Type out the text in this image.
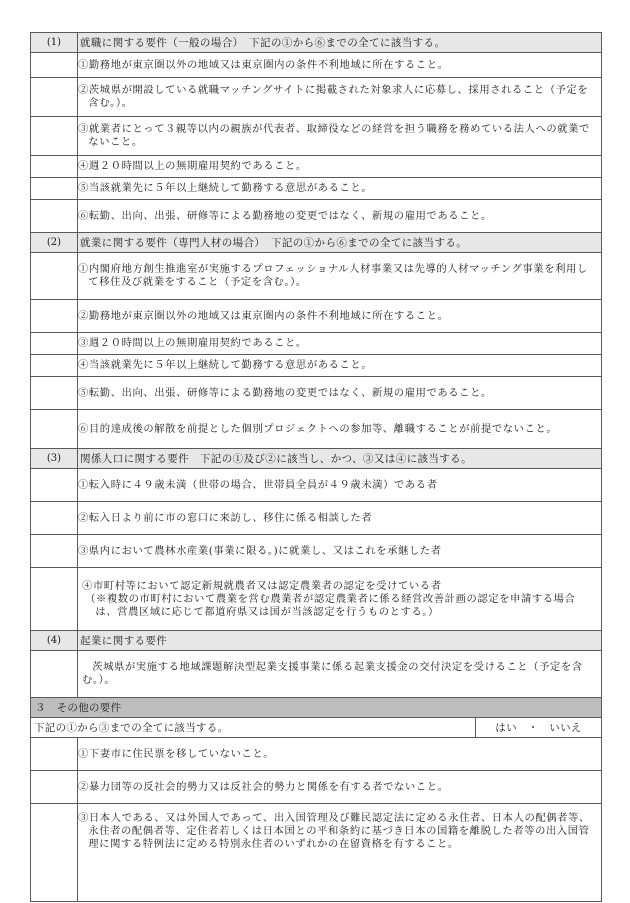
(1)	就職に関する要件（一般の場合）　下記の①から⑥までの全てに該当する。	
	①勤務地が東京圏以外の地域又は東京圏内の条件不利地域に所在すること。	
	②茨城県が開設している就職マッチングサイトに掲載された対象求人に応募し、採用されること（予定を含む。）。	
	③就業者にとって３親等以内の親族が代表者、取締役などの経営を担う職務を務めている法人への就業でないこと。	
	④週２０時間以上の無期雇用契約であること。	
	⑤当該就業先に５年以上継続して勤務する意思があること。	
	⑥転勤、出向、出張、研修等による勤務地の変更ではなく、新規の雇用であること。	
(2)	就業に関する要件（専門人材の場合）　下記の①から⑥までの全てに該当する。	
	①内閣府地方創生推進室が実施するプロフェッショナル人材事業又は先導的人材マッチング事業を利用して移住及び就業をすること（予定を含む。）。	
	②勤務地が東京圏以外の地域又は東京圏内の条件不利地域に所在すること。	
	③週２０時間以上の無期雇用契約であること。	
	④当該就業先に５年以上継続して勤務する意思があること。	
	⑤転勤、出向、出張、研修等による勤務地の変更ではなく、新規の雇用であること。	
	⑥目的達成後の解散を前提とした個別プロジェクトへの参加等、離職することが前提でないこと。	
(3)	関係人口に関する要件　下記の①及び②に該当し、かつ、③又は④に該当する。	
	①転入時に４９歳未満（世帯の場合、世帯員全員が４９歳未満）である者	
	②転入日より前に市の窓口に来訪し、移住に係る相談した者	
	③県内において農林水産業(事業に限る。)に就業し、又はこれを承継した者	

	④市町村等において認定新規就農者又は認定農業者の認定を受けている者
（※複数の市町村において農業を営む農業者が認定農業者に係る経営改善計画の認定を申請する場合は、営農区域に応じて都道府県又は国が当該認定を行うものとする。）	

(4)	起業に関する要件	
	茨城県が実施する地域課題解決型起業支援事業に係る起業支援金の交付決定を受けること（予定を含む。）。	
３　その他の要件		
下記の①から③までの全てに該当する。		はい　・　いいえ
	①下妻市に住民票を移していないこと。	
	②暴力団等の反社会的勢力又は反社会的勢力と関係を有する者でないこと。	
	③日本人である、又は外国人であって、出入国管理及び難民認定法に定める永住者、日本人の配偶者等、永住者の配偶者等、定住者若しくは日本国との平和条約に基づき日本の国籍を離脱した者等の出入国管理に関する特例法に定める特別永住者のいずれかの在留資格を有すること。	
